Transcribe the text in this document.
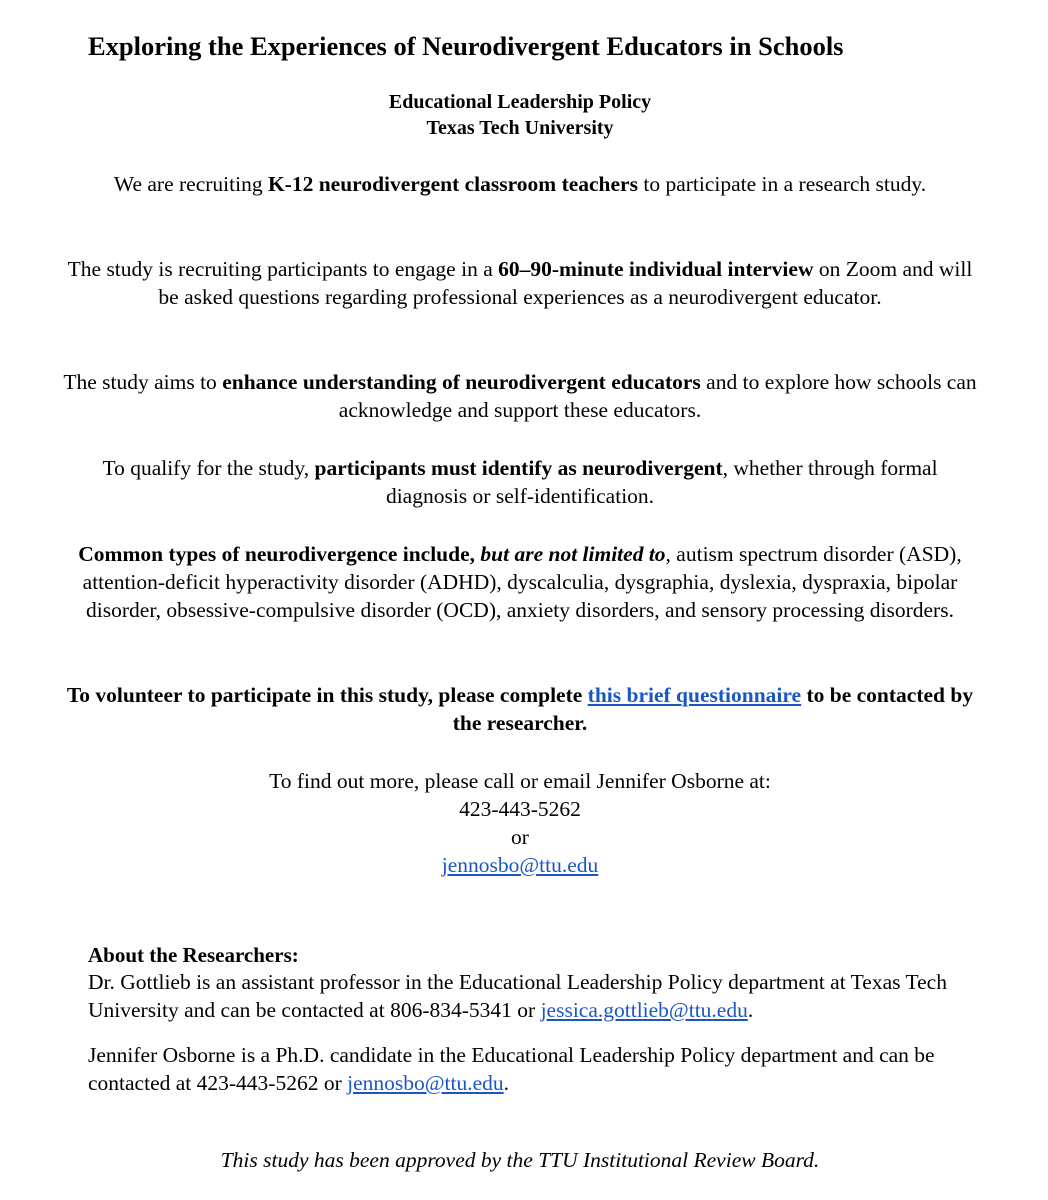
Exploring the Experiences of Neurodivergent Educators in Schools

Educational Leadership Policy
Texas Tech University

We are recruiting K-12 neurodivergent classroom teachers to participate in a research study.

The study is recruiting participants to engage in a 60–90-minute individual interview on Zoom and will be asked questions regarding professional experiences as a neurodivergent educator.

The study aims to enhance understanding of neurodivergent educators and to explore how schools can acknowledge and support these educators.

To qualify for the study, participants must identify as neurodivergent, whether through formal diagnosis or self-identification.

Common types of neurodivergence include, but are not limited to, autism spectrum disorder (ASD), attention-deficit hyperactivity disorder (ADHD), dyscalculia, dysgraphia, dyslexia, dyspraxia, bipolar disorder, obsessive-compulsive disorder (OCD), anxiety disorders, and sensory processing disorders.

To volunteer to participate in this study, please complete this brief questionnaire to be contacted by the researcher.

To find out more, please call or email Jennifer Osborne at:
423-443-5262
or
jennosbo@ttu.edu

About the Researchers:

Dr. Gottlieb is an assistant professor in the Educational Leadership Policy department at Texas Tech University and can be contacted at 806-834-5341 or jessica.gottlieb@ttu.edu.

Jennifer Osborne is a Ph.D. candidate in the Educational Leadership Policy department and can be contacted at 423-443-5262 or jennosbo@ttu.edu.

This study has been approved by the TTU Institutional Review Board.
